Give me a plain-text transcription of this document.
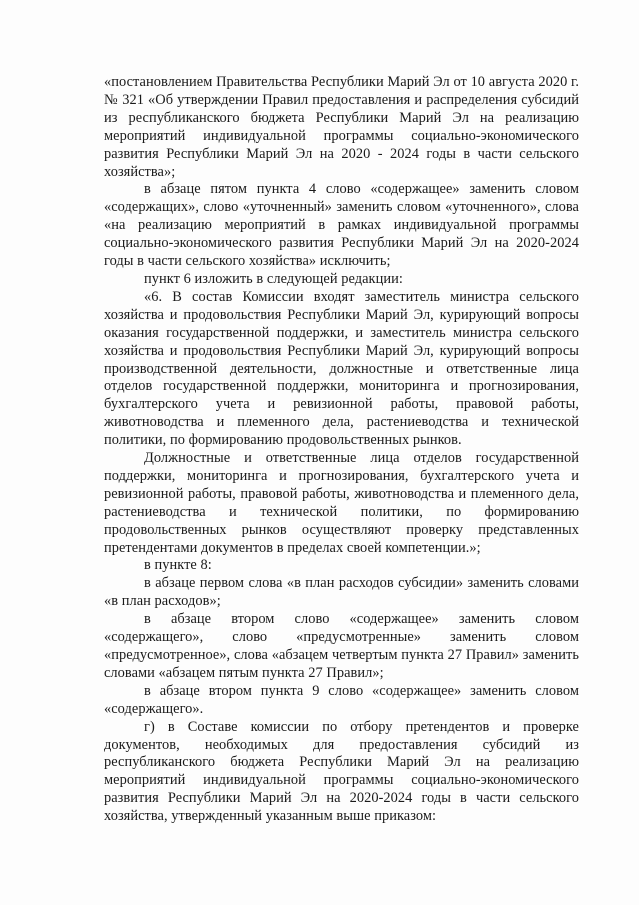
«постановлением Правительства Республики Марий Эл от 10 августа 2020 г. № 321 «Об утверждении Правил предоставления и распределения субсидий из республиканского бюджета Республики Марий Эл на реализацию мероприятий индивидуальной программы социально-экономического развития Республики Марий Эл на 2020 - 2024 годы в части сельского хозяйства»;

в абзаце пятом пункта 4 слово «содержащее» заменить словом «содержащих», слово «уточненный» заменить словом «уточненного», слова «на реализацию мероприятий в рамках индивидуальной программы социально-экономического развития Республики Марий Эл на 2020-2024 годы в части сельского хозяйства» исключить;

пункт 6 изложить в следующей редакции:

«6. В состав Комиссии входят заместитель министра сельского хозяйства и продовольствия Республики Марий Эл, курирующий вопросы оказания государственной поддержки, и заместитель министра сельского хозяйства и продовольствия Республики Марий Эл, курирующий вопросы производственной деятельности, должностные и ответственные лица отделов государственной поддержки, мониторинга и прогнозирования, бухгалтерского учета и ревизионной работы, правовой работы, животноводства и племенного дела, растениеводства и технической политики, по формированию продовольственных рынков.

Должностные и ответственные лица отделов государственной поддержки, мониторинга и прогнозирования, бухгалтерского учета и ревизионной работы, правовой работы, животноводства и племенного дела, растениеводства и технической политики, по формированию продовольственных рынков осуществляют проверку представленных претендентами документов в пределах своей компетенции.»;

в пункте 8:

в абзаце первом слова «в план расходов субсидии» заменить словами «в план расходов»;

в абзаце втором слово «содержащее» заменить словом «содержащего», слово «предусмотренные» заменить словом «предусмотренное», слова «абзацем четвертым пункта 27 Правил» заменить словами «абзацем пятым пункта 27 Правил»;

в абзаце втором пункта 9 слово «содержащее» заменить словом «содержащего».

г) в Составе комиссии по отбору претендентов и проверке документов, необходимых для предоставления субсидий из республиканского бюджета Республики Марий Эл на реализацию мероприятий индивидуальной программы социально-экономического развития Республики Марий Эл на 2020-2024 годы в части сельского хозяйства, утвержденный указанным выше приказом:
